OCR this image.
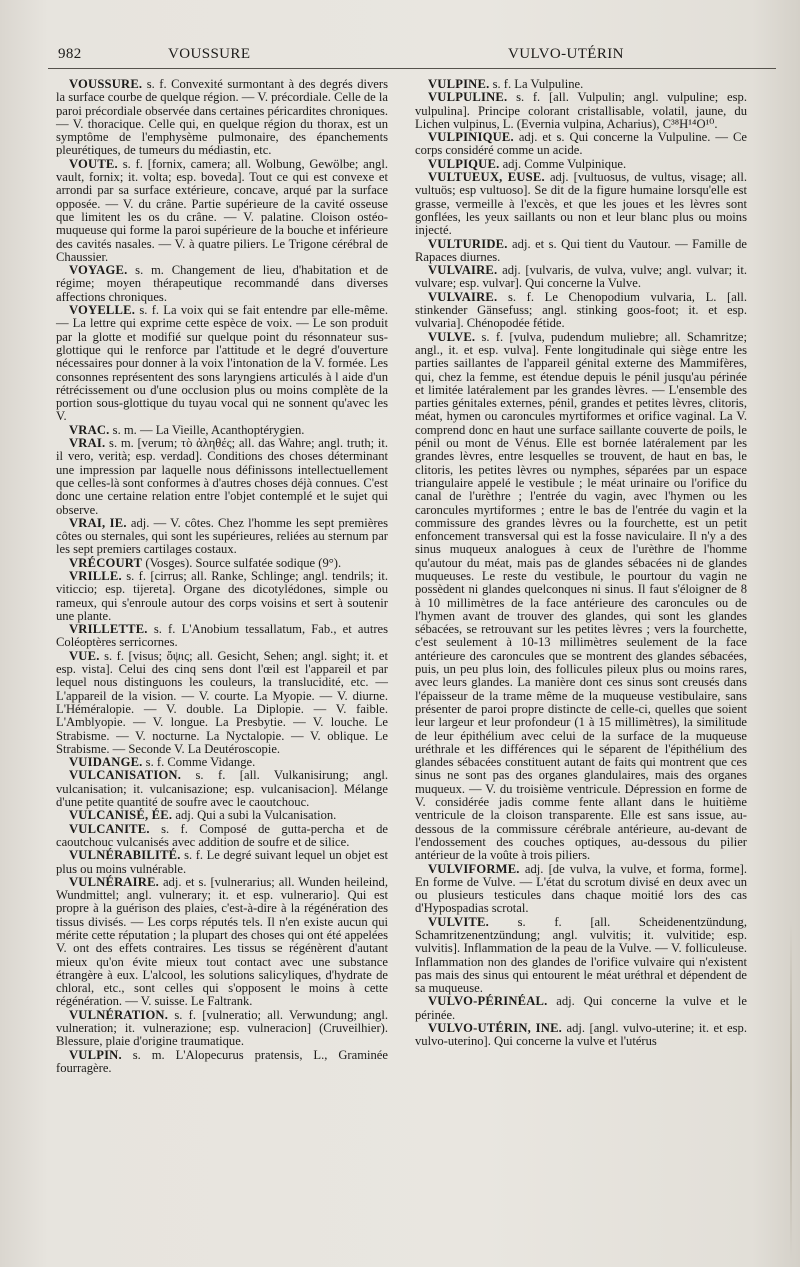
982	VOUSSURE	VULVO-UTÉRIN

VOUSSURE. s. f. Convexité surmontant à des degrés divers la surface courbe de quelque région. — V. précordiale. Celle de la paroi précordiale observée dans certaines péricardites chroniques. — V. thoracique. Celle qui, en quelque région du thorax, est un symptôme de l'emphysème pulmonaire, des épanchements pleurétiques, de tumeurs du médiastin, etc.

VOUTE. s. f. [fornix, camera; all. Wolbung, Gewölbe; angl. vault, fornix; it. volta; esp. boveda]. Tout ce qui est convexe et arrondi par sa surface extérieure, concave, arqué par la surface opposée. — V. du crâne. Partie supérieure de la cavité osseuse que limitent les os du crâne. — V. palatine. Cloison ostéo-muqueuse qui forme la paroi supérieure de la bouche et inférieure des cavités nasales. — V. à quatre piliers. Le Trigone cérébral de Chaussier.

VOYAGE. s. m. Changement de lieu, d'habitation et de régime; moyen thérapeutique recommandé dans diverses affections chroniques.

VOYELLE. s. f. La voix qui se fait entendre par elle-même. — La lettre qui exprime cette espèce de voix. — Le son produit par la glotte et modifié sur quelque point du résonnateur sus-glottique qui le renforce par l'attitude et le degré d'ouverture nécessaires pour donner à la voix l'intonation de la V. formée. Les consonnes représentent des sons laryngiens articulés à l aide d'un rétrécissement ou d'une occlusion plus ou moins complète de la portion sous-glottique du tuyau vocal qui ne sonnent qu'avec les V.

VRAC. s. m. — La Vieille, Acanthoptérygien.

VRAI. s. m. [verum; τὸ ἀληθές; all. das Wahre; angl. truth; it. il vero, verità; esp. verdad]. Conditions des choses déterminant une impression par laquelle nous définissons intellectuellement que celles-là sont conformes à d'autres choses déjà connues. C'est donc une certaine relation entre l'objet contemplé et le sujet qui observe.

VRAI, IE. adj. — V. côtes. Chez l'homme les sept premières côtes ou sternales, qui sont les supérieures, reliées au sternum par les sept premiers cartilages costaux.

VRÉCOURT (Vosges). Source sulfatée sodique (9°).

VRILLE. s. f. [cirrus; all. Ranke, Schlinge; angl. tendrils; it. viticcio; esp. tijereta]. Organe des dicotylédones, simple ou rameux, qui s'enroule autour des corps voisins et sert à soutenir une plante.

VRILLETTE. s. f. L'Anobium tessallatum, Fab., et autres Coléoptères serricornes.

VUE. s. f. [visus; ὄψις; all. Gesicht, Sehen; angl. sight; it. et esp. vista]. Celui des cinq sens dont l'œil est l'appareil et par lequel nous distinguons les couleurs, la translucidité, etc. — L'appareil de la vision. — V. courte. La Myopie. — V. diurne. L'Héméralopie. — V. double. La Diplopie. — V. faible. L'Amblyopie. — V. longue. La Presbytie. — V. louche. Le Strabisme. — V. nocturne. La Nyctalopie. — V. oblique. Le Strabisme. — Seconde V. La Deutéroscopie.

VUIDANGE. s. f. Comme Vidange.

VULCANISATION. s. f. [all. Vulkanisirung; angl. vulcanisation; it. vulcanisazione; esp. vulcanisacion]. Mélange d'une petite quantité de soufre avec le caoutchouc.

VULCANISÉ, ÉE. adj. Qui a subi la Vulcanisation.

VULCANITE. s. f. Composé de gutta-percha et de caoutchouc vulcanisés avec addition de soufre et de silice.

VULNÉRABILITÉ. s. f. Le degré suivant lequel un objet est plus ou moins vulnérable.

VULNÉRAIRE. adj. et s. [vulnerarius; all. Wunden heileind, Wundmittel; angl. vulnerary; it. et esp. vulnerario]. Qui est propre à la guérison des plaies, c'est-à-dire à la régénération des tissus divisés. — Les corps réputés tels. Il n'en existe aucun qui mérite cette réputation ; la plupart des choses qui ont été appelées V. ont des effets contraires. Les tissus se régénèrent d'autant mieux qu'on évite mieux tout contact avec une substance étrangère à eux. L'alcool, les solutions salicyliques, d'hydrate de chloral, etc., sont celles qui s'opposent le moins à cette régénération. — V. suisse. Le Faltrank.

VULNÉRATION. s. f. [vulneratio; all. Verwundung; angl. vulneration; it. vulnerazione; esp. vulneracion] (Cruveilhier). Blessure, plaie d'origine traumatique.

VULPIN. s. m. L'Alopecurus pratensis, L., Graminée fourragère.

VULPINE. s. f. La Vulpuline.

VULPULINE. s. f. [all. Vulpulin; angl. vulpuline; esp. vulpulina]. Principe colorant cristallisable, volatil, jaune, du Lichen vulpinus, L. (Evernia vulpina, Acharius), C³⁸H¹⁴O¹⁰.

VULPINIQUE. adj. et s. Qui concerne la Vulpuline. — Ce corps considéré comme un acide.

VULPIQUE. adj. Comme Vulpinique.

VULTUEUX, EUSE. adj. [vultuosus, de vultus, visage; all. vultuös; esp vultuoso]. Se dit de la figure humaine lorsqu'elle est grasse, vermeille à l'excès, et que les joues et les lèvres sont gonflées, les yeux saillants ou non et leur blanc plus ou moins injecté.

VULTURIDE. adj. et s. Qui tient du Vautour. — Famille de Rapaces diurnes.

VULVAIRE. adj. [vulvaris, de vulva, vulve; angl. vulvar; it. vulvare; esp. vulvar]. Qui concerne la Vulve.

VULVAIRE. s. f. Le Chenopodium vulvaria, L. [all. stinkender Gänsefuss; angl. stinking goos-foot; it. et esp. vulvaria]. Chénopodée fétide.

VULVE. s. f. [vulva, pudendum muliebre; all. Schamritze; angl., it. et esp. vulva]. Fente longitudinale qui siège entre les parties saillantes de l'appareil génital externe des Mammifères, qui, chez la femme, est étendue depuis le pénil jusqu'au périnée et limitée latéralement par les grandes lèvres. — L'ensemble des parties génitales externes, pénil, grandes et petites lèvres, clitoris, méat, hymen ou caroncules myrtiformes et orifice vaginal. La V. comprend donc en haut une surface saillante couverte de poils, le pénil ou mont de Vénus. Elle est bornée latéralement par les grandes lèvres, entre lesquelles se trouvent, de haut en bas, le clitoris, les petites lèvres ou nymphes, séparées par un espace triangulaire appelé le vestibule ; le méat urinaire ou l'orifice du canal de l'urèthre ; l'entrée du vagin, avec l'hymen ou les caroncules myrtiformes ; entre le bas de l'entrée du vagin et la commissure des grandes lèvres ou la fourchette, est un petit enfoncement transversal qui est la fosse naviculaire. Il n'y a des sinus muqueux analogues à ceux de l'urèthre de l'homme qu'autour du méat, mais pas de glandes sébacées ni de glandes muqueuses. Le reste du vestibule, le pourtour du vagin ne possèdent ni glandes quelconques ni sinus. Il faut s'éloigner de 8 à 10 millimètres de la face antérieure des caroncules ou de l'hymen avant de trouver des glandes, qui sont les glandes sébacées, se retrouvant sur les petites lèvres ; vers la fourchette, c'est seulement à 10-13 millimètres seulement de la face antérieure des caroncules que se montrent des glandes sébacées, puis, un peu plus loin, des follicules pileux plus ou moins rares, avec leurs glandes. La manière dont ces sinus sont creusés dans l'épaisseur de la trame même de la muqueuse vestibulaire, sans présenter de paroi propre distincte de celle-ci, quelles que soient leur largeur et leur profondeur (1 à 15 millimètres), la similitude de leur épithélium avec celui de la surface de la muqueuse uréthrale et les différences qui le séparent de l'épithélium des glandes sébacées constituent autant de faits qui montrent que ces sinus ne sont pas des organes glandulaires, mais des organes muqueux. — V. du troisième ventricule. Dépression en forme de V. considérée jadis comme fente allant dans le huitième ventricule de la cloison transparente. Elle est sans issue, au-dessous de la commissure cérébrale antérieure, au-devant de l'endossement des couches optiques, au-dessous du pilier antérieur de la voûte à trois piliers.

VULVIFORME. adj. [de vulva, la vulve, et forma, forme]. En forme de Vulve. — L'état du scrotum divisé en deux avec un ou plusieurs testicules dans chaque moitié lors des cas d'Hypospadias scrotal.

VULVITE. s. f. [all. Scheidenentzündung, Schamritzenentzündung; angl. vulvitis; it. vulvitide; esp. vulvitis]. Inflammation de la peau de la Vulve. — V. folliculeuse. Inflammation non des glandes de l'orifice vulvaire qui n'existent pas mais des sinus qui entourent le méat uréthral et dépendent de sa muqueuse.

VULVO-PÉRINÉAL. adj. Qui concerne la vulve et le périnée.

VULVO-UTÉRIN, INE. adj. [angl. vulvo-uterine; it. et esp. vulvo-uterino]. Qui concerne la vulve et l'utérus
